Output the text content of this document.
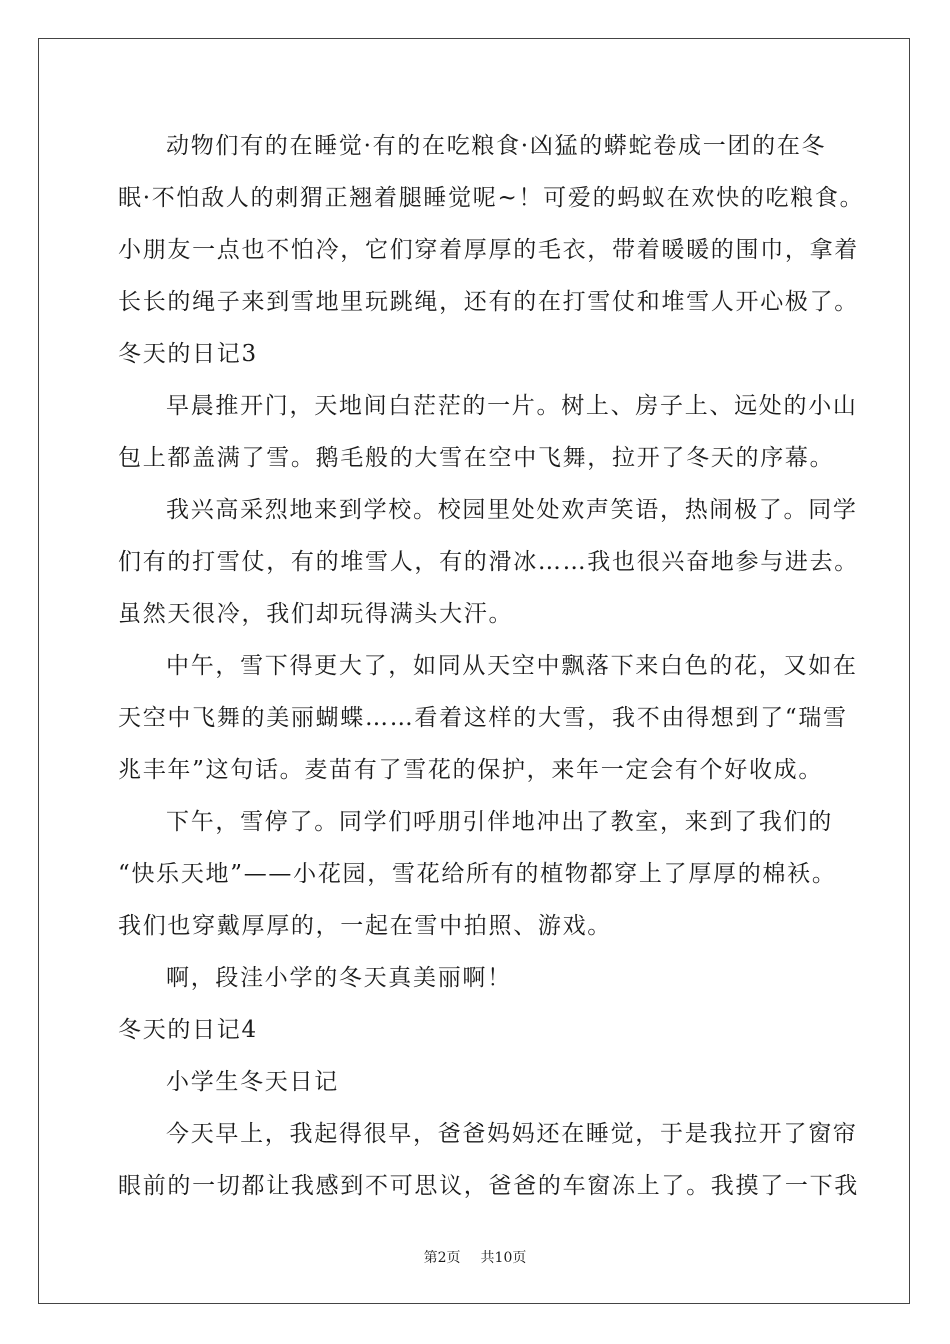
动物们有的在睡觉·有的在吃粮食·凶猛的蟒蛇卷成一团的在冬
眠·不怕敌人的刺猬正翘着腿睡觉呢~！可爱的蚂蚁在欢快的吃粮食。
小朋友一点也不怕冷，它们穿着厚厚的毛衣，带着暖暖的围巾，拿着
长长的绳子来到雪地里玩跳绳，还有的在打雪仗和堆雪人开心极了。
冬天的日记3
早晨推开门，天地间白茫茫的一片。树上、房子上、远处的小山
包上都盖满了雪。鹅毛般的大雪在空中飞舞，拉开了冬天的序幕。
我兴高采烈地来到学校。校园里处处欢声笑语，热闹极了。同学
们有的打雪仗，有的堆雪人，有的滑冰……我也很兴奋地参与进去。
虽然天很冷，我们却玩得满头大汗。
中午，雪下得更大了，如同从天空中飘落下来白色的花，又如在
天空中飞舞的美丽蝴蝶……看着这样的大雪，我不由得想到了“瑞雪
兆丰年”这句话。麦苗有了雪花的保护，来年一定会有个好收成。
下午，雪停了。同学们呼朋引伴地冲出了教室，来到了我们的
“快乐天地”——小花园，雪花给所有的植物都穿上了厚厚的棉袄。
我们也穿戴厚厚的，一起在雪中拍照、游戏。
啊，段洼小学的冬天真美丽啊！
冬天的日记4
小学生冬天日记
今天早上，我起得很早，爸爸妈妈还在睡觉，于是我拉开了窗帘
眼前的一切都让我感到不可思议，爸爸的车窗冻上了。我摸了一下我
第2页 共10页
